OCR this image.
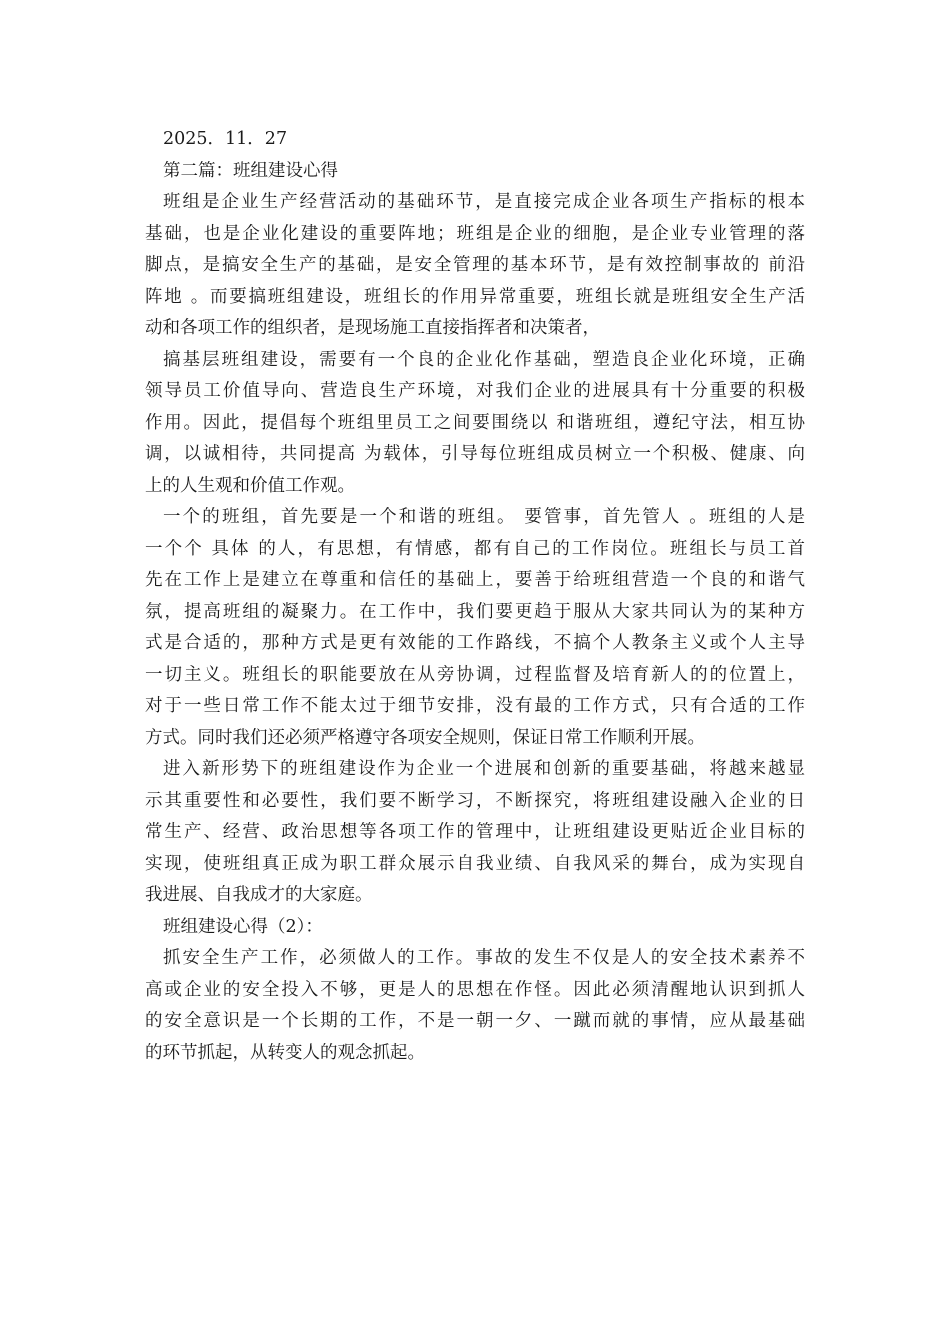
2025．11．27
第二篇：班组建设心得
班组是企业生产经营活动的基础环节，是直接完成企业各项生产指标的根本
基础，也是企业化建设的重要阵地；班组是企业的细胞，是企业专业管理的落
脚点，是搞安全生产的基础，是安全管理的基本环节，是有效控制事故的 前沿
阵地 。而要搞班组建设，班组长的作用异常重要，班组长就是班组安全生产活
动和各项工作的组织者，是现场施工直接指挥者和决策者，
搞基层班组建设，需要有一个良的企业化作基础，塑造良企业化环境，正确
领导员工价值导向、营造良生产环境，对我们企业的进展具有十分重要的积极
作用。因此，提倡每个班组里员工之间要围绕以 和谐班组，遵纪守法，相互协
调，以诚相待，共同提高 为载体，引导每位班组成员树立一个积极、健康、向
上的人生观和价值工作观。
一个的班组，首先要是一个和谐的班组。 要管事，首先管人 。班组的人是
一个个 具体 的人，有思想，有情感，都有自己的工作岗位。班组长与员工首
先在工作上是建立在尊重和信任的基础上，要善于给班组营造一个良的和谐气
氛，提高班组的凝聚力。在工作中，我们要更趋于服从大家共同认为的某种方
式是合适的，那种方式是更有效能的工作路线，不搞个人教条主义或个人主导
一切主义。班组长的职能要放在从旁协调，过程监督及培育新人的的位置上，
对于一些日常工作不能太过于细节安排，没有最的工作方式，只有合适的工作
方式。同时我们还必须严格遵守各项安全规则，保证日常工作顺利开展。
进入新形势下的班组建设作为企业一个进展和创新的重要基础，将越来越显
示其重要性和必要性，我们要不断学习，不断探究，将班组建设融入企业的日
常生产、经营、政治思想等各项工作的管理中，让班组建设更贴近企业目标的
实现，使班组真正成为职工群众展示自我业绩、自我风采的舞台，成为实现自
我进展、自我成才的大家庭。
班组建设心得（2）：
抓安全生产工作，必须做人的工作。事故的发生不仅是人的安全技术素养不
高或企业的安全投入不够，更是人的思想在作怪。因此必须清醒地认识到抓人
的安全意识是一个长期的工作，不是一朝一夕、一蹴而就的事情，应从最基础
的环节抓起，从转变人的观念抓起。
